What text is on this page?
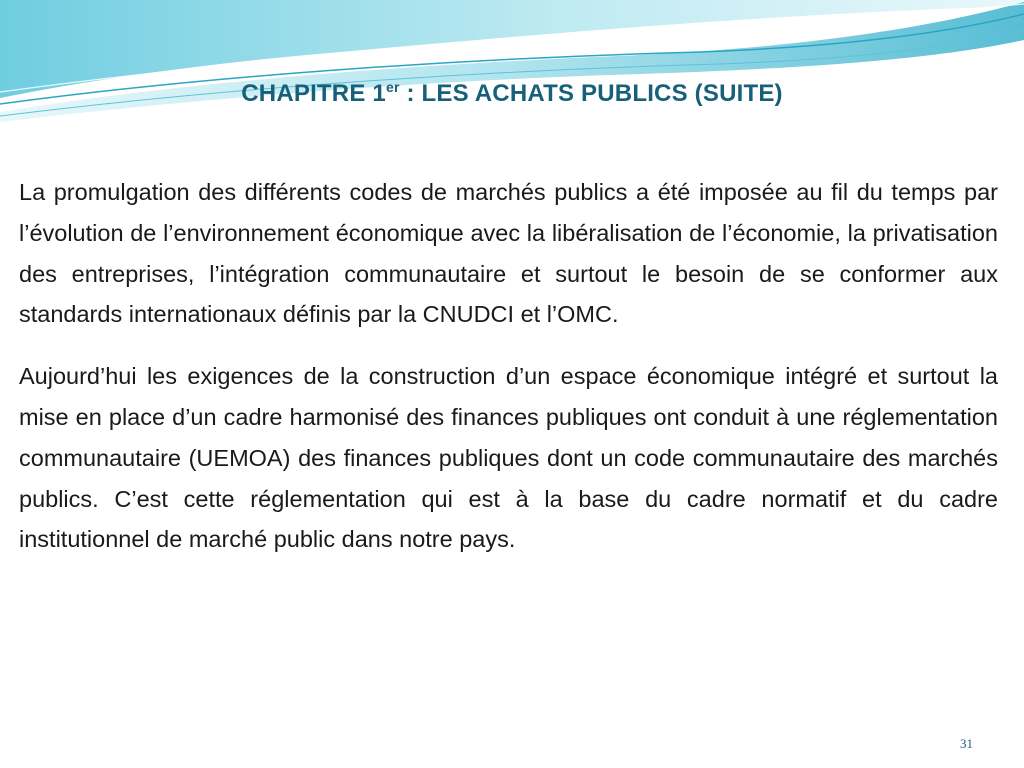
CHAPITRE 1er : LES ACHATS PUBLICS (SUITE)

La promulgation des différents codes de marchés publics a été imposée au fil du temps par l’évolution de l’environnement économique avec la libéralisation de l’économie, la privatisation des entreprises, l’intégration communautaire et surtout le besoin de se conformer aux standards internationaux définis par la CNUDCI et l’OMC.

Aujourd’hui les exigences de la construction d’un espace économique intégré et surtout la mise en place d’un cadre harmonisé des finances publiques ont conduit à une réglementation communautaire (UEMOA) des finances publiques dont un code communautaire des marchés publics. C’est cette réglementation qui est à la base du cadre normatif et du cadre institutionnel de marché public dans notre pays.

31
